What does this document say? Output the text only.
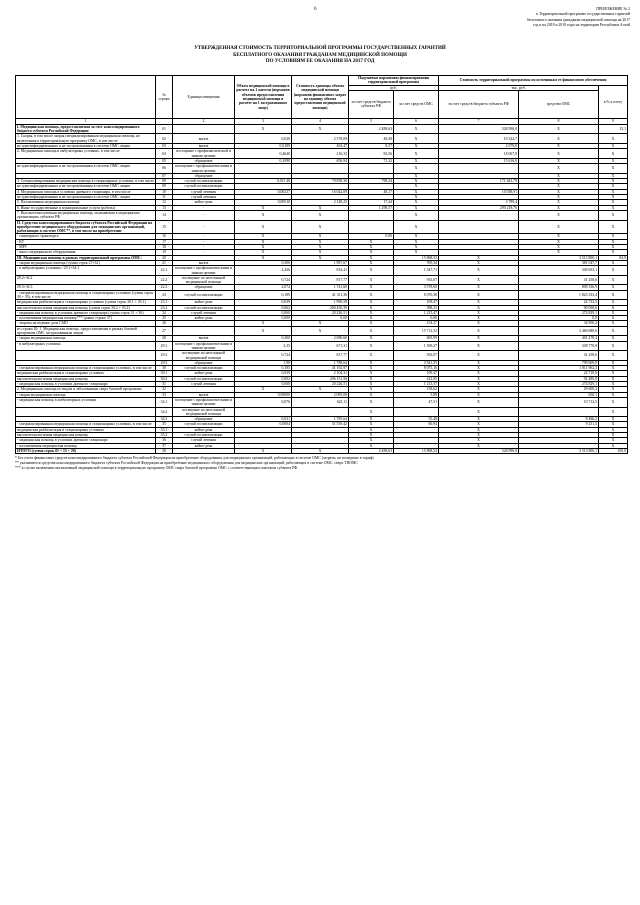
6	ПРИЛОЖЕНИЕ № 2
к Территориальной программе государственных гарантий
бесплатного оказания гражданам медицинской помощи на 2017
год и на 2018 и 2019 годы на территории Республики Алтай
УТВЕРЖДЕННАЯ СТОИМОСТЬ ТЕРРИТОРИАЛЬНОЙ ПРОГРАММЫ ГОСУДАРСТВЕННЫХ ГАРАНТИЙ
БЕСПЛАТНОГО ОКАЗАНИЯ ГРАЖДАНАМ МЕДИЦИНСКОЙ ПОМОЩИ
ПО УСЛОВИЯМ ЕЕ ОКАЗАНИЯ НА 2017 ГОД
	№ строки	Единица измерения	Объем медицинской помощи в расчете на 1 жителя (норматив объемов предоставления медицинской помощи в расчете на 1 застрахованное лицо)	Стоимость единицы объема медицинской помощи (норматив финансовых затрат на единицу объема предоставления медицинской помощи)	Подушевые нормативы финансирования территориальной программы		Стоимость территориальной программы по источникам ее финансового обеспечения		
					руб.		тыс. руб.		в % к итогу
					за счет средств бюджета субъекта РФ	за счет средств ОМС	за счет средств бюджета субъекта РФ	средства ОМС	
1		2	3	4	5	6	7	8	9
I. Медицинская помощь, предоставляемая за счет консолидированного бюджета субъекта Российской Федерации	01		X	X	2 488,63	X	528 990,0	X	15,1
1. Скорая, в том числе скорая специализированная медицинская помощь, не включенная в территориальную программу ОМС, в том числе	02	вызов	0,020	2 578,09	48,49	X	10 322,7	X	X
не идентифицированным и не застрахованным в системе ОМС лицам	03	вызов	0,0189	463,47	8,57	X	2 079,0	X	X
2. Медицинская помощь в амбулаторных условиях, в том числе	04	посещение с профилактической и иными целями	0,4640	216,33	82,56	X	18 067,9	X	X
	05	обращение	0,1090	656,94	71,32	X	15 616,0	X	X
не идентифицированным и не застрахованным в системе ОМС лицам	06	посещение с профилактическими и иными целями				X		X	X
	07	обращение				X		X	X
3. Специализированная медицинская помощь в стационарных условиях, в том числе	08	случай госпитализации	0,011 40	79 858,30	798,34	X	171 643,79	X	X
не идентифицированным и не застрахованным в системе ОМС лицам	09	случай госпитализации				X		X	X
4. Медицинская помощь в условиях дневного стационара, в том числе	10	случай лечения	0,00237	16 042,09	48,17	X	10 038,91	X	X
не идентифицированным и не застрахованным в системе ОМС лицам	11	случай лечения				X		X	X
5. Паллиативная медицинская помощь	12	койко-день	0,00510	2 148,25	17,44	X	3 789,4	X	X
6. Иные государственные и муниципальные услуги (работы)	13	-	X	X	1 298,57	X	290 218,76	X	X
7. Высокотехнологичная медицинская помощь, оказываемая в медицинских организациях субъекта РФ	14	-	X	X		X		X	X
II. Средства консолидированного бюджета субъекта Российской Федерации на приобретение медицинского оборудования для медицинских организаций, работающих в системе ОМС**, в том числе на приобретение	15	-	X	X		X		X	X
- санитарного транспорта	16	-	X	X	0,00	X		X	X
- КТ	17	-	X	X	X	X		X	X
- МРТ	18	-	X	X	X	X		X	X
- иного медицинского оборудования	19	-	X	X	X	X		X	X
III. Медицинская помощь в рамках территориальной программы ОМС:	20		X	X	X	15 868,52	X	3 513 800,1	84,9
- скорая медицинская помощь (сумма строк 27+32)	21	вызов	0,300	1 987,67	X	595,34	X	381 047,7	X
- в амбулаторных условиях / 29.1+34.1	22.1	посещение с профилактическими и иными целями	2,426	633,41	X	1 547,71	X	349 653,1	X
29.2+34.2	22.2	посещение по неотложной медицинской помощи	0,724	817,77	X	933,07	X	41 258,6	X
29.3+34.3	22.3	обращение	2,074	1 741,60	X	3 578,00	X	808 336,9	X
- специализированная медицинская помощь в стационарных условиях (сумма строк 30 + 35), в том числе	23	случай госпитализации	0,189	41 311,36	X	8 070,38	X	1 823 333,4	X
медицинская реабилитация в стационарных условиях (сумма строк 30.1 + 35.1)	23.1	койко-день	0,039	1 990,58	X	109,47	X	24 733,3	X
высокотехнологичная медицинская помощь (сумма строк 30.2 + 35.2)	23.2	случай госпитализации	0,062	200 450,39	X	398,31	X	90 058,6	X
- медицинская помощь в условиях дневного стационара (сумма строк 31 + 36)	24	случай лечения	0,060	20 226,51	X	1 215,47	X	274 829,1	X
- паллиативная медицинская помощь*** (равно строке 37)	25	койко-день	0,000	0,00	X	0,00	X	0,0	X
- затраты на ведение дела СМО	26	-	X	X	X	154,27	X	34 856,2	X
из строки 20: 1. Медицинская помощь, предоставляемая в рамках базовой программы ОМС застрахованным лицам	27		X	X	X	15 712,52	X	3 460 680,6	X
- скорая медицинская помощь	28	вызов	0,300	2 080,60	X	605,99	X	401 478,4	X
- в амбулаторных условиях	29.1	посещение с профилактическими и иными целями	2,35	671,31	X	1 509,27	X	338 770,9	X
	29.2	посещение по неотложной медицинской помощи	0,724	817,77	X	933,07	X	41 258,6	X
	29.3	обращение	1,98	1 788,64	X	3 541,55	X	799 609,8	X
- специализированная медицинская помощь в стационарных условиях, в том числе	30	случай госпитализации	0,185	41 192,97	X	8 075,16	X	1 811 962,3	X
медицинская реабилитация в стационарных условиях	30.1	койко-день	0,039	2 104,31	X	109,47	X	24 718,0	X
высокотехнологичная медицинская помощь	30.2	случай госпитализации	0,002	206 151,56	X	412,85	X	92 480,8	X
- медицинская помощь в условиях дневного стационара	31	случай лечения	0,060	20 226,51	X	1 213,57	X	274 829,1	X
2. Медицинская помощь по видам и заболеваниям сверх базовой программы:	32		X	X	X	158,62	X	29 600,3	X
- скорая медицинская помощь	33	вызов	0,00000	2 085,00	X	5,89	X	650,1	X
- медицинская помощь в амбулаторных условиях	34.1	посещение с профилактическими и иными целями	0,076	625,11	X	47,51	X	10 712,5	X
	34.2	посещение по неотложной медицинской помощи			X		X		X
	34.3	обращение	0,031	1 785,64	X	55,48	X	8 486,2	X
- специализированная медицинская помощь в стационарных условиях, в том числе	35	случай госпитализации	0,0004	51 539,42	X	60,94	X	9 231,5	X
медицинская реабилитация в стационарных условиях	35.1	койко-день			X		X		X
высокотехнологичная медицинская помощь	35.2	случай госпитализации			X		X		X
- медицинская помощь в условиях дневного стационара	36	случай лечения			X		X		X
- паллиативная медицинская помощь	37	койко-день			X		X		X
ИТОГО (сумма строк 01 + 15 + 20)	38		X	X	2 488,63	15 868,52	528 990,0	3 513 800,1	100,0
* Без учета финансовых средств консолидированного бюджета субъекта Российской Федерации на приобретение оборудования для медицинских организаций, работающих в системе ОМС (затраты, не вошедшие в тариф).
** указываются средства консолидированного бюджета субъекта Российской Федерации на приобретение медицинского оборудования для медицинских организаций, работающих в системе ОМС, сверх ТПОМС
*** в случае включения паллиативной медицинской помощи в территориальную программу ОМС сверх базовой программы ОМС с соответствующим платежом субъекта РФ.
